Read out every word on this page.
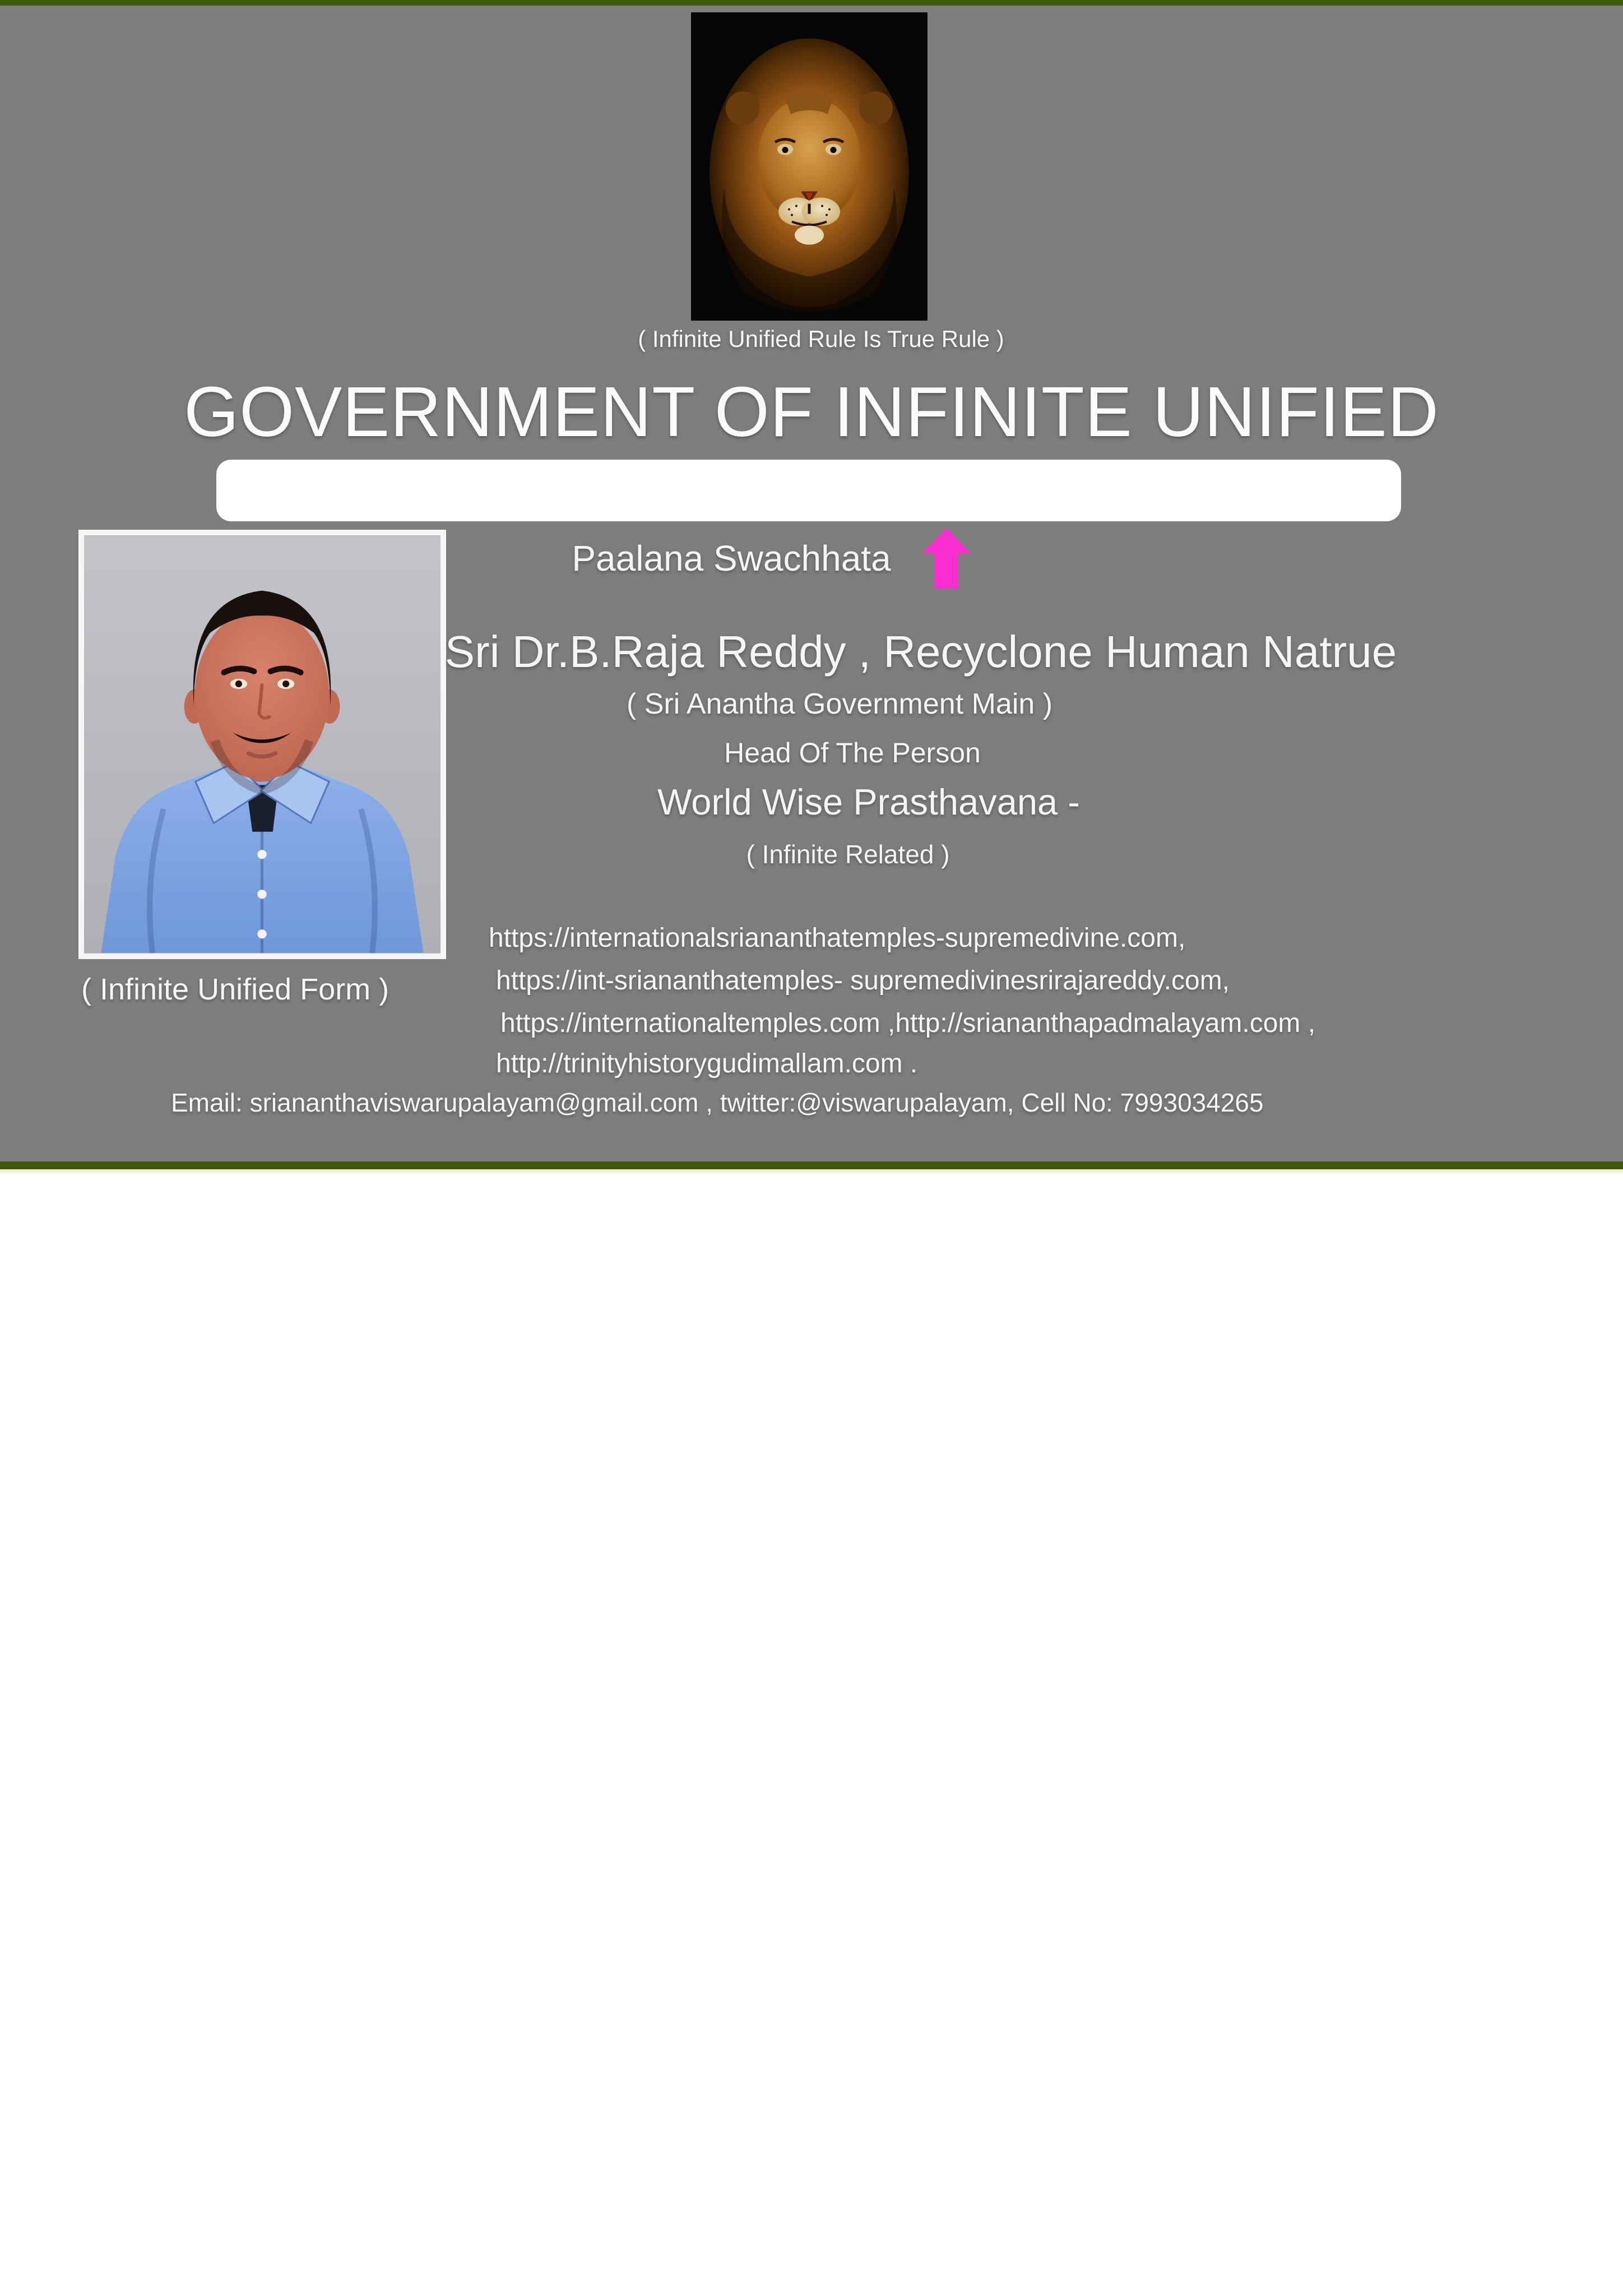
( Infinite Unified Rule Is True Rule )
GOVERNMENT OF INFINITE UNIFIED
( Infinite Unified Form )
Paalana Swachhata
Sri Dr.B.Raja Reddy , Recyclone Human Natrue
( Sri Anantha Government Main )
Head Of The Person
World Wise Prasthavana -
( Infinite Related )
https://internationalsriananthatemples-supremedivine.com,
https://int-sriananthatemples- supremedivinesrirajareddy.com,
https://internationaltemples.com ,http://sriananthapadmalayam.com ,
http://trinityhistorygudimallam.com .
Email: sriananthaviswarupalayam@gmail.com , twitter:@viswarupalayam, Cell No: 7993034265
